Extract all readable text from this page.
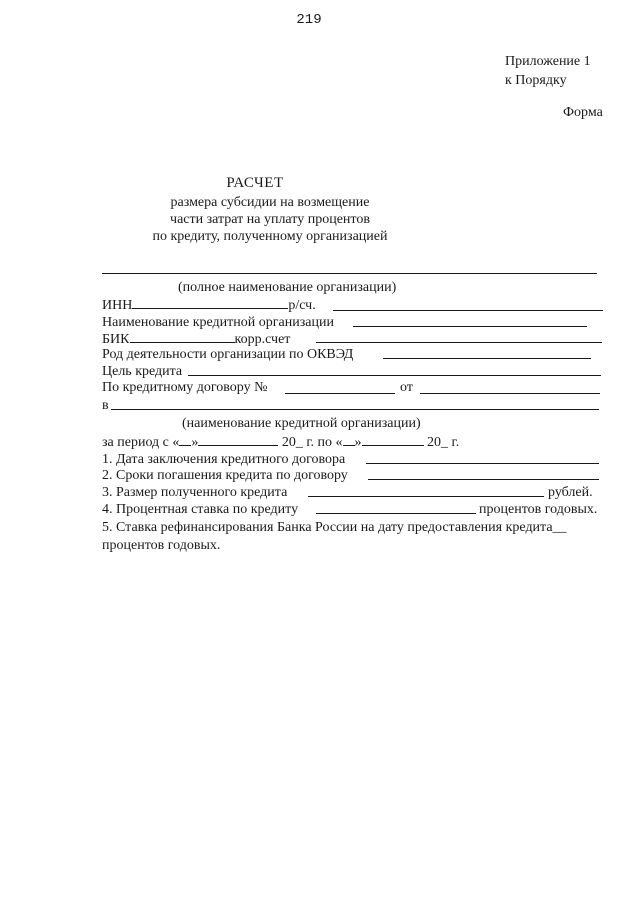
219
Приложение 1
к Порядку
Форма
РАСЧЕТ
размера субсидии на возмещение
части затрат на уплату процентов
по кредиту, полученному организацией
(полное наименование организации)
ИНН	р/сч.
Наименование кредитной организации
БИК	корр.счет
Род деятельности организации по ОКВЭД
Цель кредита
По кредитному договору №	от
в
(наименование кредитной организации)
за период с « »	20_ г. по « »	20_ г.
1. Дата заключения кредитного договора
2. Сроки погашения кредита по договору
3. Размер полученного кредита	рублей.
4. Процентная ставка по кредиту	процентов годовых.
5. Ставка рефинансирования Банка России на дату предоставления кредита__
процентов годовых.
